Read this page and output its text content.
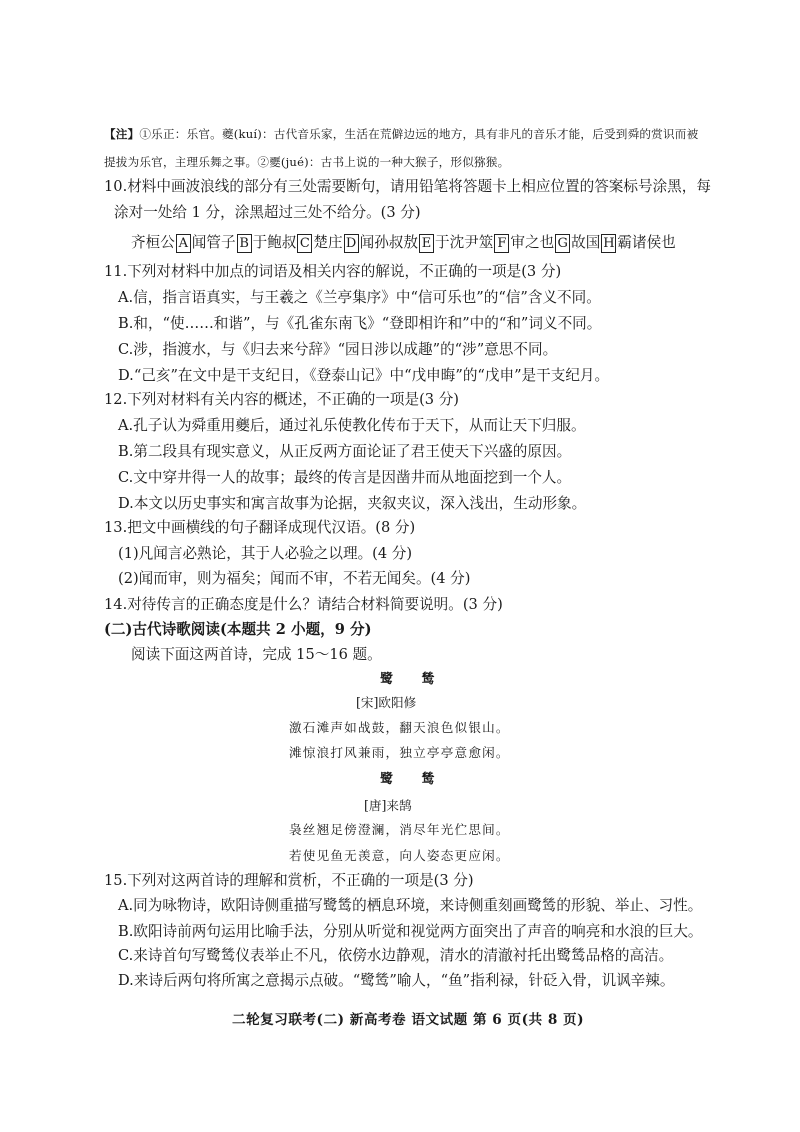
【注】①乐正：乐官。夔(kuí)：古代音乐家，生活在荒僻边远的地方，具有非凡的音乐才能，后受到舜的赏识而被
提拔为乐官，主理乐舞之事。②夒(jué)：古书上说的一种大猴子，形似猕猴。
10.材料中画波浪线的部分有三处需要断句，请用铅笔将答题卡上相应位置的答案标号涂黑，每
涂对一处给 1 分，涂黑超过三处不给分。(3 分)
齐桓公 A 闻管子 B 于鲍叔 C 楚庄 D 闻孙叔敖 E 于沈尹筮 F 审之也 G 故国 H 霸诸侯也
11.下列对材料中加点的词语及相关内容的解说，不正确的一项是(3 分)
A.信，指言语真实，与王羲之《兰亭集序》中“信可乐也”的“信”含义不同。
B.和，“使……和谐”，与《孔雀东南飞》“登即相许和”中的“和”词义不同。
C.涉，指渡水，与《归去来兮辞》“园日涉以成趣”的“涉”意思不同。
D.“己亥”在文中是干支纪日，《登泰山记》中“戊申晦”的“戊申”是干支纪月。
12.下列对材料有关内容的概述，不正确的一项是(3 分)
A.孔子认为舜重用夔后，通过礼乐使教化传布于天下，从而让天下归服。
B.第二段具有现实意义，从正反两方面论证了君王使天下兴盛的原因。
C.文中穿井得一人的故事；最终的传言是因凿井而从地面挖到一个人。
D.本文以历史事实和寓言故事为论据，夹叙夹议，深入浅出，生动形象。
13.把文中画横线的句子翻译成现代汉语。(8 分)
(1)凡闻言必熟论，其于人必验之以理。(4 分)
(2)闻而审，则为福矣；闻而不审，不若无闻矣。(4 分)
14.对待传言的正确态度是什么？请结合材料简要说明。(3 分)
(二)古代诗歌阅读(本题共 2 小题，9 分)
阅读下面这两首诗，完成 15～16 题。
鹭 鸶
[宋]欧阳修
激石滩声如战鼓，翻天浪色似银山。
滩惊浪打风兼雨，独立亭亭意愈闲。
鹭 鸶
[唐]来鹄
袅丝翘足傍澄澜，消尽年光伫思间。
若使见鱼无羡意，向人姿态更应闲。
15.下列对这两首诗的理解和赏析，不正确的一项是(3 分)
A.同为咏物诗，欧阳诗侧重描写鹭鸶的栖息环境，来诗侧重刻画鹭鸶的形貌、举止、习性。
B.欧阳诗前两句运用比喻手法，分别从听觉和视觉两方面突出了声音的响亮和水浪的巨大。
C.来诗首句写鹭鸶仪表举止不凡，依傍水边静观，清水的清澈衬托出鹭鸶品格的高洁。
D.来诗后两句将所寓之意揭示点破。“鹭鸶”喻人，“鱼”指利禄，针砭入骨，讥讽辛辣。
二轮复习联考(二) 新高考卷 语文试题 第 6 页(共 8 页)
